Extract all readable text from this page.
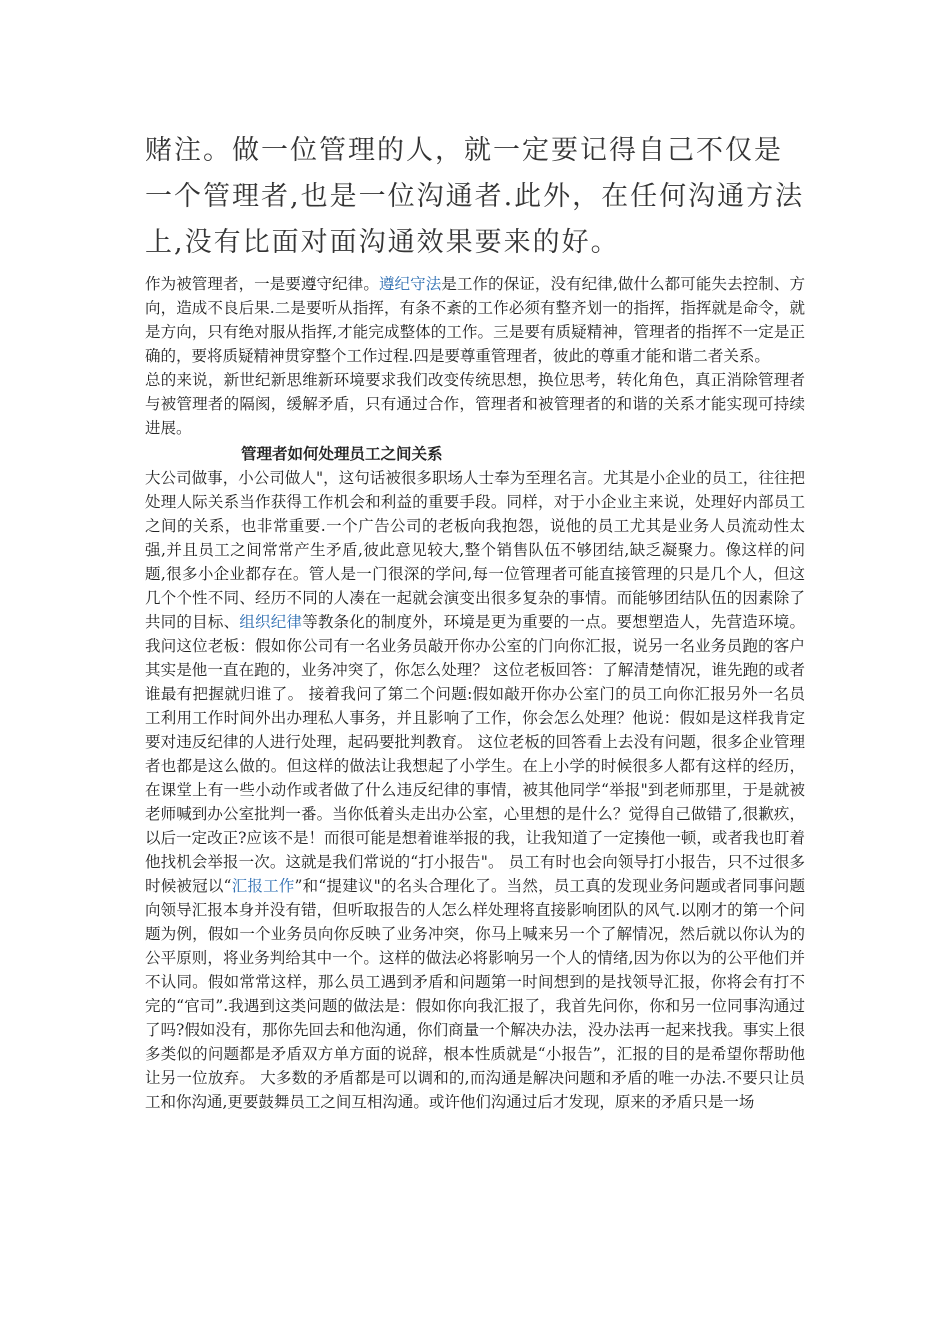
赌注。做一位管理的人，就一定要记得自己不仅是一个管理者,也是一位沟通者.此外，在任何沟通方法上,没有比面对面沟通效果要来的好。

作为被管理者，一是要遵守纪律。遵纪守法是工作的保证，没有纪律,做什么都可能失去控制、方向，造成不良后果.二是要听从指挥，有条不紊的工作必须有整齐划一的指挥，指挥就是命令，就是方向，只有绝对服从指挥,才能完成整体的工作。三是要有质疑精神，管理者的指挥不一定是正确的，要将质疑精神贯穿整个工作过程.四是要尊重管理者，彼此的尊重才能和谐二者关系。

总的来说，新世纪新思维新环境要求我们改变传统思想，换位思考，转化角色，真正消除管理者与被管理者的隔阂，缓解矛盾，只有通过合作，管理者和被管理者的和谐的关系才能实现可持续进展。

管理者如何处理员工之间关系

大公司做事，小公司做人"，这句话被很多职场人士奉为至理名言。尤其是小企业的员工，往往把处理人际关系当作获得工作机会和利益的重要手段。同样，对于小企业主来说，处理好内部员工之间的关系，也非常重要.一个广告公司的老板向我抱怨，说他的员工尤其是业务人员流动性太强,并且员工之间常常产生矛盾,彼此意见较大,整个销售队伍不够团结,缺乏凝聚力。像这样的问题,很多小企业都存在。管人是一门很深的学问,每一位管理者可能直接管理的只是几个人，但这几个个性不同、经历不同的人凑在一起就会演变出很多复杂的事情。而能够团结队伍的因素除了共同的目标、组织纪律等教条化的制度外，环境是更为重要的一点。要想塑造人，先营造环境。 我问这位老板：假如你公司有一名业务员敲开你办公室的门向你汇报，说另一名业务员跑的客户其实是他一直在跑的，业务冲突了，你怎么处理？ 这位老板回答：了解清楚情况，谁先跑的或者谁最有把握就归谁了。 接着我问了第二个问题:假如敲开你办公室门的员工向你汇报另外一名员工利用工作时间外出办理私人事务，并且影响了工作，你会怎么处理？他说：假如是这样我肯定要对违反纪律的人进行处理，起码要批判教育。 这位老板的回答看上去没有问题，很多企业管理者也都是这么做的。但这样的做法让我想起了小学生。在上小学的时候很多人都有这样的经历，在课堂上有一些小动作或者做了什么违反纪律的事情，被其他同学“举报"到老师那里，于是就被老师喊到办公室批判一番。当你低着头走出办公室，心里想的是什么？觉得自己做错了,很歉疚，以后一定改正?应该不是！而很可能是想着谁举报的我，让我知道了一定揍他一顿，或者我也盯着他找机会举报一次。这就是我们常说的“打小报告"。 员工有时也会向领导打小报告，只不过很多时候被冠以“汇报工作”和“提建议"的名头合理化了。当然，员工真的发现业务问题或者同事问题向领导汇报本身并没有错，但听取报告的人怎么样处理将直接影响团队的风气.以刚才的第一个问题为例，假如一个业务员向你反映了业务冲突，你马上喊来另一个了解情况，然后就以你认为的公平原则，将业务判给其中一个。这样的做法必将影响另一个人的情绪,因为你以为的公平他们并不认同。假如常常这样，那么员工遇到矛盾和问题第一时间想到的是找领导汇报，你将会有打不完的“官司”.我遇到这类问题的做法是：假如你向我汇报了，我首先问你，你和另一位同事沟通过了吗?假如没有，那你先回去和他沟通，你们商量一个解决办法，没办法再一起来找我。事实上很多类似的问题都是矛盾双方单方面的说辞，根本性质就是“小报告”，汇报的目的是希望你帮助他让另一位放弃。 大多数的矛盾都是可以调和的,而沟通是解决问题和矛盾的唯一办法.不要只让员工和你沟通,更要鼓舞员工之间互相沟通。或许他们沟通过后才发现，原来的矛盾只是一场
